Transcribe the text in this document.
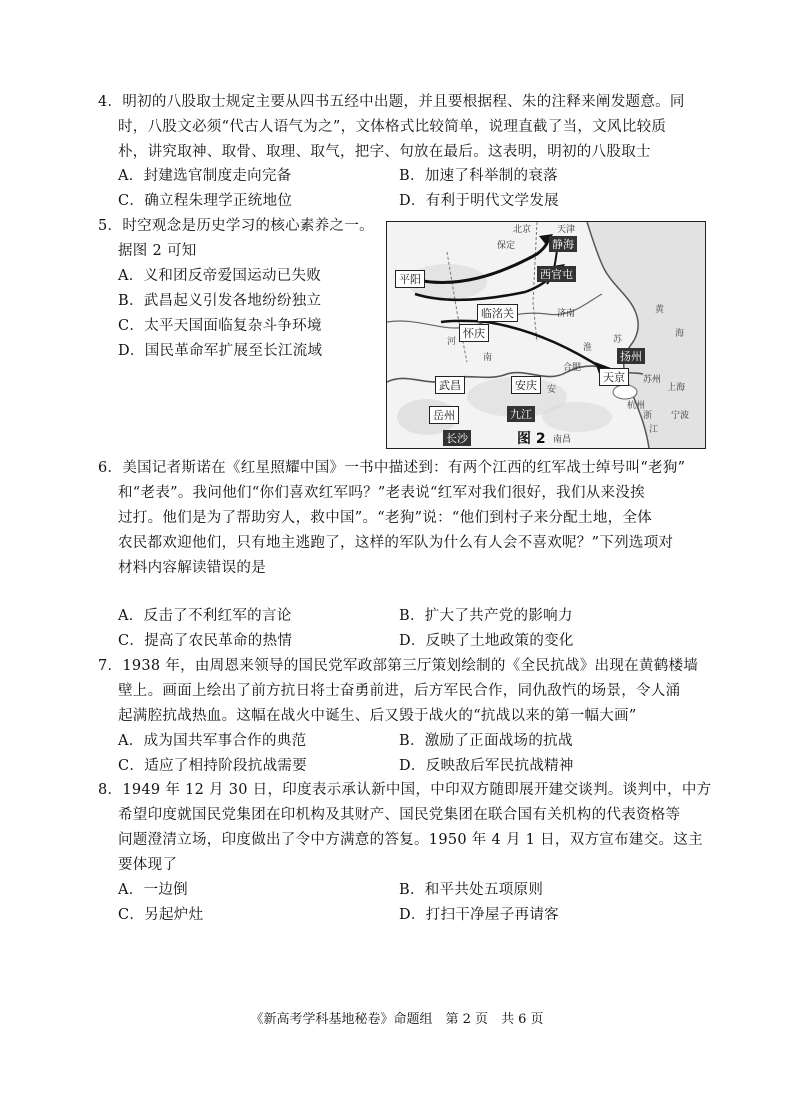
4．明初的八股取士规定主要从四书五经中出题，并且要根据程、朱的注释来阐发题意。同
时，八股文必须“代古人语气为之”，文体格式比较简单，说理直截了当，文风比较质
朴，讲究取神、取骨、取理、取气，把字、句放在最后。这表明，明初的八股取士
A．封建选官制度走向完备	B．加速了科举制的衰落
C．确立程朱理学正统地位	D．有利于明代文学发展
5．时空观念是历史学习的核心素养之一。
据图 2 可知
A．义和团反帝爱国运动已失败
B．武昌起义引发各地纷纷独立
C．太平天国面临复杂斗争环境
D．国民革命军扩展至长江流域
静海
西官屯
平阳
临洺关
怀庆
扬州
天京
安庆
武昌
九江
长沙
岳州
北京	天津
保定
济南
河
南
合肥
苏州
上海
杭州
宁波
南昌
浙
江
苏
黄
安
海
淮
图 2
6．美国记者斯诺在《红星照耀中国》一书中描述到：有两个江西的红军战士绰号叫“老狗”
和“老表”。我问他们“你们喜欢红军吗？”老表说“红军对我们很好，我们从来没挨
过打。他们是为了帮助穷人，救中国”。“老狗”说：“他们到村子来分配土地，全体
农民都欢迎他们，只有地主逃跑了，这样的军队为什么有人会不喜欢呢？”下列选项对
材料内容解读错误的是
A．反击了不利红军的言论	B．扩大了共产党的影响力
C．提高了农民革命的热情	D．反映了土地政策的变化
7．1938 年，由周恩来领导的国民党军政部第三厅策划绘制的《全民抗战》出现在黄鹤楼墙
壁上。画面上绘出了前方抗日将士奋勇前进，后方军民合作，同仇敌忾的场景，令人涌
起满腔抗战热血。这幅在战火中诞生、后又毁于战火的“抗战以来的第一幅大画”
A．成为国共军事合作的典范	B．激励了正面战场的抗战
C．适应了相持阶段抗战需要	D．反映敌后军民抗战精神
8．1949 年 12 月 30 日，印度表示承认新中国，中印双方随即展开建交谈判。谈判中，中方
希望印度就国民党集团在印机构及其财产、国民党集团在联合国有关机构的代表资格等
问题澄清立场，印度做出了令中方满意的答复。1950 年 4 月 1 日，双方宣布建交。这主
要体现了
A．一边倒	B．和平共处五项原则
C．另起炉灶	D．打扫干净屋子再请客
《新高考学科基地秘卷》命题组　第 2 页　共 6 页
